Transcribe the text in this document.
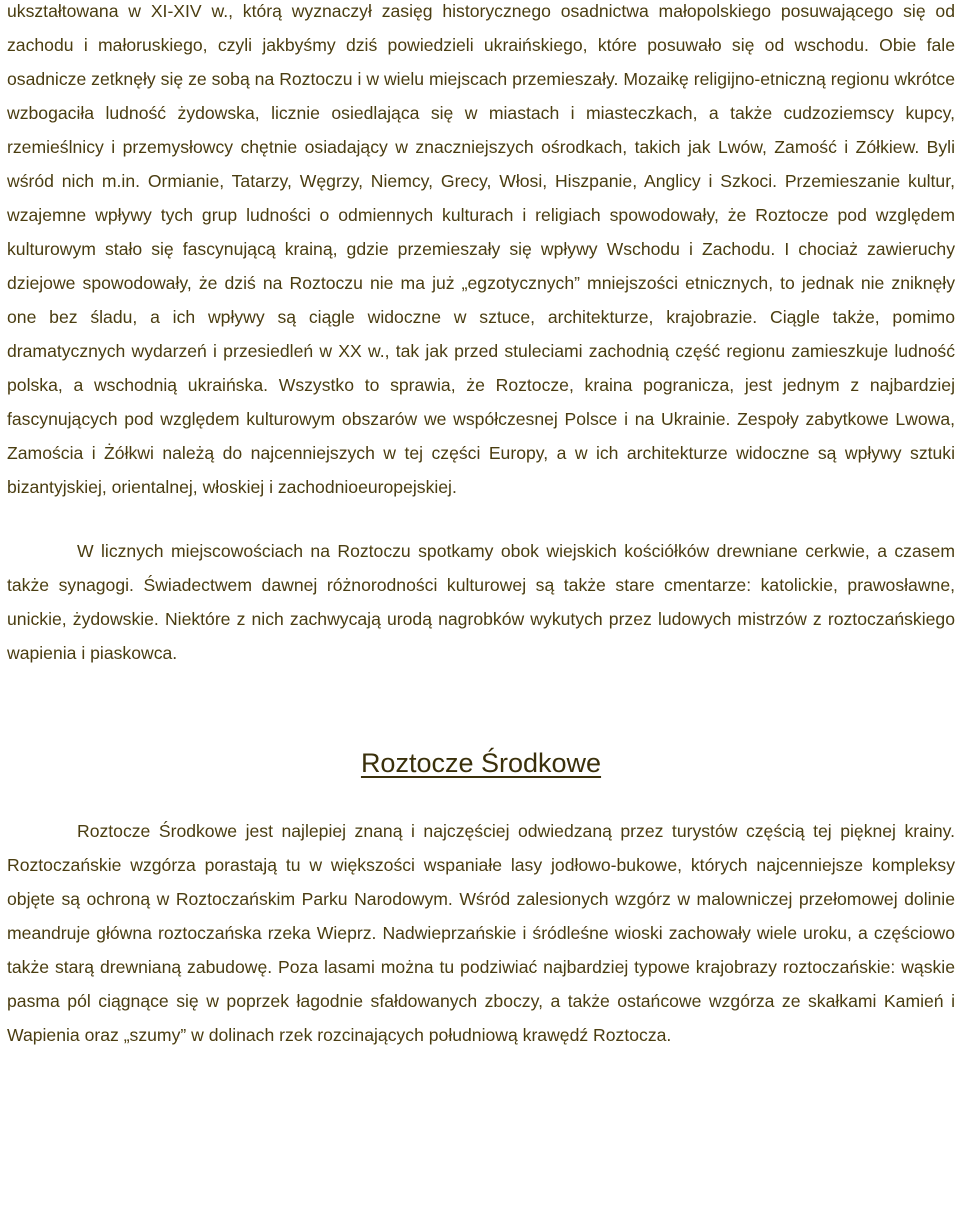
ukształtowana w XI-XIV w., którą wyznaczył zasięg historycznego osadnictwa małopolskiego posuwającego się od zachodu i małoruskiego, czyli jakbyśmy dziś powiedzieli ukraińskiego, które posuwało się od wschodu. Obie fale osadnicze zetknęły się ze sobą na Roztoczu i w wielu miejscach przemieszały. Mozaikę religijno-etniczną regionu wkrótce wzbogaciła ludność żydowska, licznie osiedlająca się w miastach i miasteczkach, a także cudzoziemscy kupcy, rzemieślnicy i przemysłowcy chętnie osiadający w znaczniejszych ośrodkach, takich jak Lwów, Zamość i Zółkiew. Byli wśród nich m.in. Ormianie, Tatarzy, Węgrzy, Niemcy, Grecy, Włosi, Hiszpanie, Anglicy i Szkoci. Przemieszanie kultur, wzajemne wpływy tych grup ludności o odmiennych kulturach i religiach spowodowały, że Roztocze pod względem kulturowym stało się fascynującą krainą, gdzie przemieszały się wpływy Wschodu i Zachodu. I chociaż zawieruchy dziejowe spowodowały, że dziś na Roztoczu nie ma już „egzotycznych” mniejszości etnicznych, to jednak nie zniknęły one bez śladu, a ich wpływy są ciągle widoczne w sztuce, architekturze, krajobrazie. Ciągle także, pomimo dramatycznych wydarzeń i przesiedleń w XX w., tak jak przed stuleciami zachodnią część regionu zamieszkuje ludność polska, a wschodnią ukraińska. Wszystko to sprawia, że Roztocze, kraina pogranicza, jest jednym z najbardziej fascynujących pod względem kulturowym obszarów we współczesnej Polsce i na Ukrainie. Zespoły zabytkowe Lwowa, Zamościa i Żółkwi należą do najcenniejszych w tej części Europy, a w ich architekturze widoczne są wpływy sztuki bizantyjskiej, orientalnej, włoskiej i zachodnioeuropejskiej.

W licznych miejscowościach na Roztoczu spotkamy obok wiejskich kościółków drewniane cerkwie, a czasem także synagogi. Świadectwem dawnej różnorodności kulturowej są także stare cmentarze: katolickie, prawosławne, unickie, żydowskie. Niektóre z nich zachwycają urodą nagrobków wykutych przez ludowych mistrzów z roztoczańskiego wapienia i piaskowca.

Roztocze Środkowe

Roztocze Środkowe jest najlepiej znaną i najczęściej odwiedzaną przez turystów częścią tej pięknej krainy. Roztoczańskie wzgórza porastają tu w większości wspaniałe lasy jodłowo-bukowe, których najcenniejsze kompleksy objęte są ochroną w Roztoczańskim Parku Narodowym. Wśród zalesionych wzgórz w malowniczej przełomowej dolinie meandruje główna roztoczańska rzeka Wieprz. Nadwieprzańskie i śródleśne wioski zachowały wiele uroku, a częściowo także starą drewnianą zabudowę. Poza lasami można tu podziwiać najbardziej typowe krajobrazy roztoczańskie: wąskie pasma pól ciągnące się w poprzek łagodnie sfałdowanych zboczy, a także ostańcowe wzgórza ze skałkami Kamień i Wapienia oraz „szumy” w dolinach rzek rozcinających południową krawędź Roztocza.
